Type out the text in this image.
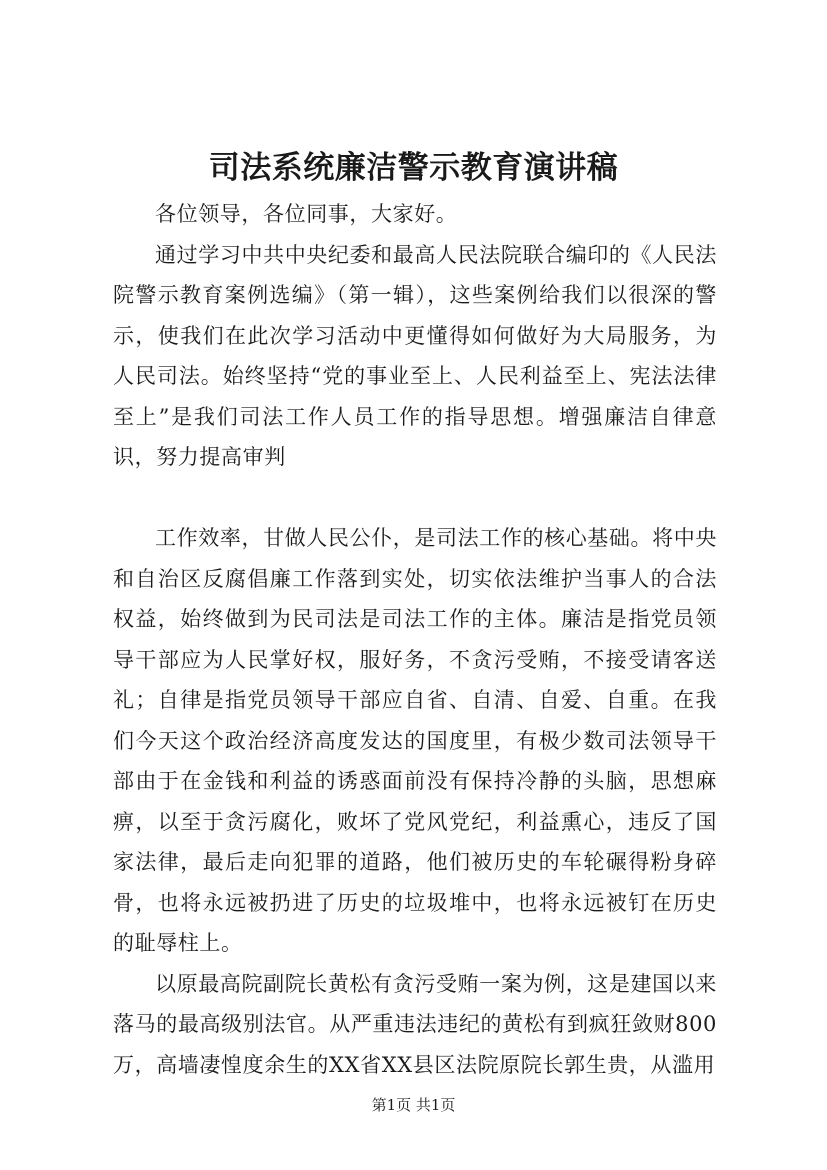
司法系统廉洁警示教育演讲稿

各位领导，各位同事，大家好。

通过学习中共中央纪委和最高人民法院联合编印的《人民法院警示教育案例选编》（第一辑），这些案例给我们以很深的警示，使我们在此次学习活动中更懂得如何做好为大局服务，为人民司法。始终坚持“党的事业至上、人民利益至上、宪法法律至上”是我们司法工作人员工作的指导思想。增强廉洁自律意识，努力提高审判

工作效率，甘做人民公仆，是司法工作的核心基础。将中央和自治区反腐倡廉工作落到实处，切实依法维护当事人的合法权益，始终做到为民司法是司法工作的主体。廉洁是指党员领导干部应为人民掌好权，服好务，不贪污受贿，不接受请客送礼；自律是指党员领导干部应自省、自清、自爱、自重。在我们今天这个政治经济高度发达的国度里，有极少数司法领导干部由于在金钱和利益的诱惑面前没有保持冷静的头脑，思想麻痹，以至于贪污腐化，败坏了党风党纪，利益熏心，违反了国家法律，最后走向犯罪的道路，他们被历史的车轮碾得粉身碎骨，也将永远被扔进了历史的垃圾堆中，也将永远被钉在历史的耻辱柱上。

以原最高院副院长黄松有贪污受贿一案为例，这是建国以来落马的最高级别法官。从严重违法违纪的黄松有到疯狂敛财800万，高墙凄惶度余生的XX省XX县区法院原院长郭生贵，从滥用

第1页 共1页
